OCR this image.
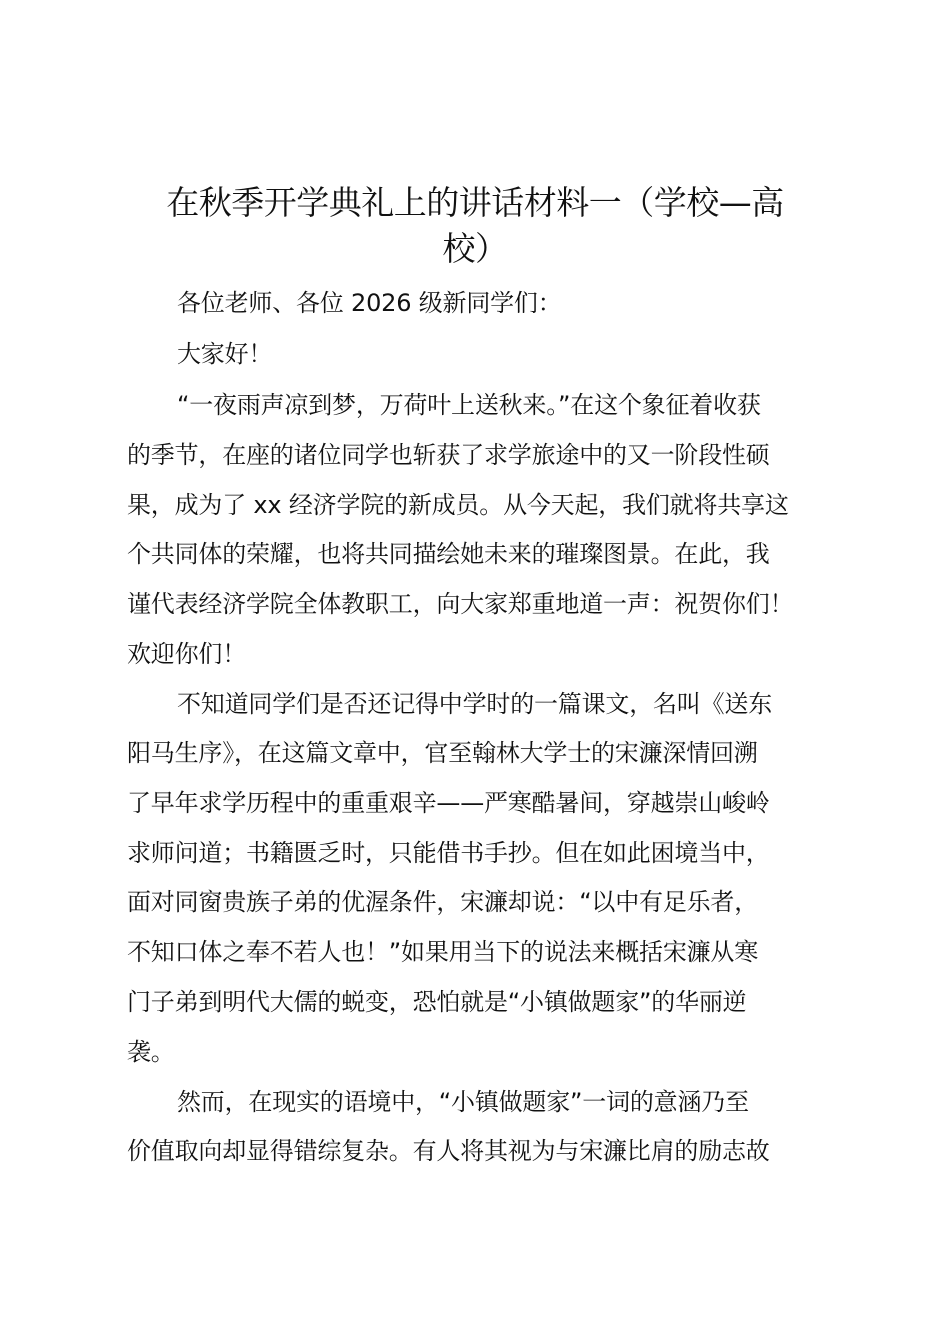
在秋季开学典礼上的讲话材料一（学校—高
校）
各位老师、各位 2026 级新同学们：
大家好！
“一夜雨声凉到梦，万荷叶上送秋来。”在这个象征着收获
的季节，在座的诸位同学也斩获了求学旅途中的又一阶段性硕
果，成为了 xx 经济学院的新成员。从今天起，我们就将共享这
个共同体的荣耀，也将共同描绘她未来的璀璨图景。在此，我
谨代表经济学院全体教职工，向大家郑重地道一声：祝贺你们！
欢迎你们！
不知道同学们是否还记得中学时的一篇课文，名叫《送东
阳马生序》，在这篇文章中，官至翰林大学士的宋濂深情回溯
了早年求学历程中的重重艰辛——严寒酷暑间，穿越崇山峻岭
求师问道；书籍匮乏时，只能借书手抄。但在如此困境当中，
面对同窗贵族子弟的优渥条件，宋濂却说：“以中有足乐者，
不知口体之奉不若人也！”如果用当下的说法来概括宋濂从寒
门子弟到明代大儒的蜕变，恐怕就是“小镇做题家”的华丽逆
袭。
然而，在现实的语境中，“小镇做题家”一词的意涵乃至
价值取向却显得错综复杂。有人将其视为与宋濂比肩的励志故
